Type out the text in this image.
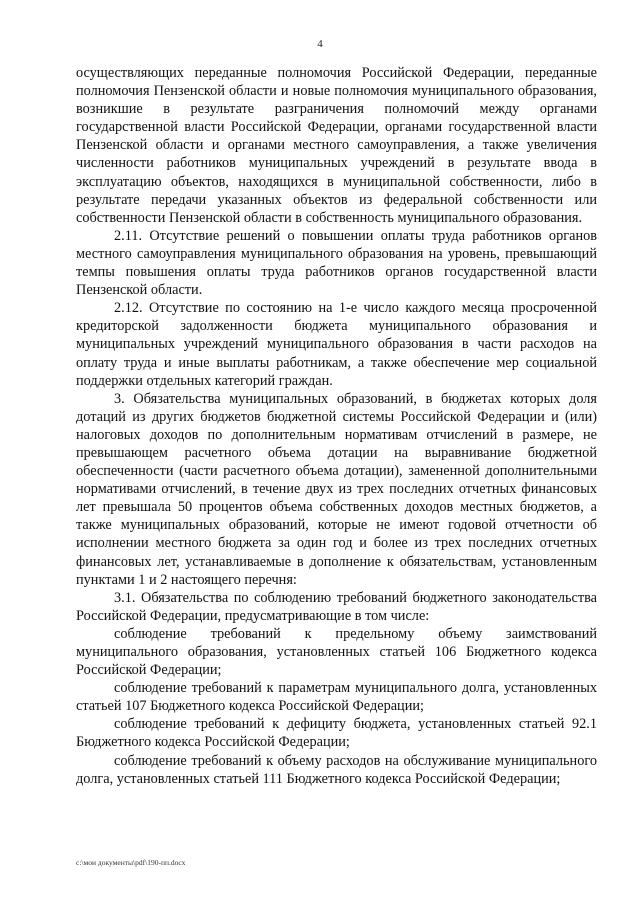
4

осуществляющих переданные полномочия Российской Федерации, переданные полномочия Пензенской области и новые полномочия муниципального образования, возникшие в результате разграничения полномочий между органами государственной власти Российской Федерации, органами государственной власти Пензенской области и органами местного самоуправления, а также увеличения численности работников муниципальных учреждений в результате ввода в эксплуатацию объектов, находящихся в муниципальной собственности, либо в результате передачи указанных объектов из федеральной собственности или собственности Пензенской области в собственность муниципального образования.

2.11. Отсутствие решений о повышении оплаты труда работников органов местного самоуправления муниципального образования на уровень, превышающий темпы повышения оплаты труда работников органов государственной власти Пензенской области.

2.12. Отсутствие по состоянию на 1-е число каждого месяца просроченной кредиторской задолженности бюджета муниципального образования и муниципальных учреждений муниципального образования в части расходов на оплату труда и иные выплаты работникам, а также обеспечение мер социальной поддержки отдельных категорий граждан.

3. Обязательства муниципальных образований, в бюджетах которых доля дотаций из других бюджетов бюджетной системы Российской Федерации и (или) налоговых доходов по дополнительным нормативам отчислений в размере, не превышающем расчетного объема дотации на выравнивание бюджетной обеспеченности (части расчетного объема дотации), замененной дополнительными нормативами отчислений, в течение двух из трех последних отчетных финансовых лет превышала 50 процентов объема собственных доходов местных бюджетов, а также муниципальных образований, которые не имеют годовой отчетности об исполнении местного бюджета за один год и более из трех последних отчетных финансовых лет, устанавливаемые в дополнение к обязательствам, установленным пунктами 1 и 2 настоящего перечня:

3.1. Обязательства по соблюдению требований бюджетного законодательства Российской Федерации, предусматривающие в том числе:

соблюдение требований к предельному объему заимствований муниципального образования, установленных статьей 106 Бюджетного кодекса Российской Федерации;

соблюдение требований к параметрам муниципального долга, установленных статьей 107 Бюджетного кодекса Российской Федерации;

соблюдение требований к дефициту бюджета, установленных статьей 92.1 Бюджетного кодекса Российской Федерации;

соблюдение требований к объему расходов на обслуживание муниципального долга, установленных статьей 111 Бюджетного кодекса Российской Федерации;

c:\мои документы\pdf\190-пп.docx
